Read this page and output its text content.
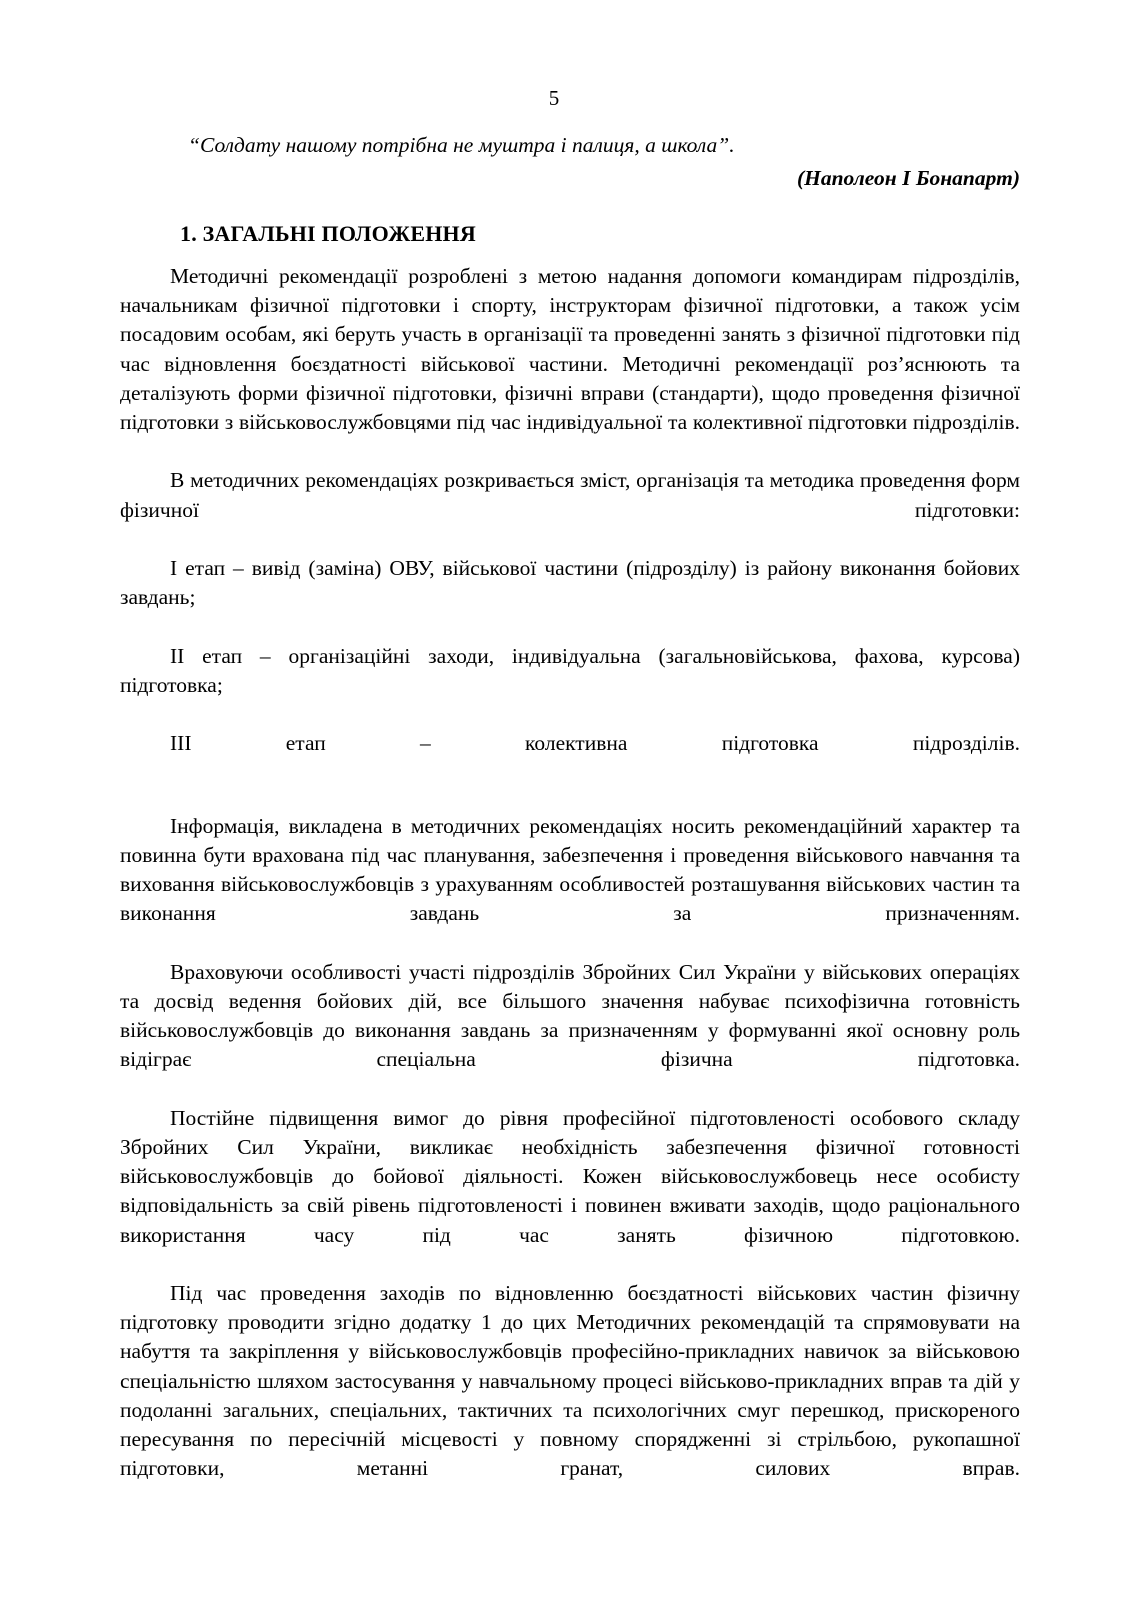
5
“Солдату нашому потрібна не муштра і палиця, а школа”.
(Наполеон I Бонапарт)
1. ЗАГАЛЬНІ ПОЛОЖЕННЯ

Методичні рекомендації розроблені з метою надання допомоги командирам підрозділів, начальникам фізичної підготовки і спорту, інструкторам фізичної підготовки, а також усім посадовим особам, які беруть участь в організації та проведенні занять з фізичної підготовки під час відновлення боєздатності військової частини. Методичні рекомендації роз’яснюють та деталізують форми фізичної підготовки, фізичні вправи (стандарти), щодо проведення фізичної підготовки з військовослужбовцями під час індивідуальної та колективної підготовки підрозділів.

В методичних рекомендаціях розкривається зміст, організація та методика проведення форм фізичної підготовки:

I етап – вивід (заміна) ОВУ, військової частини (підрозділу) із району виконання бойових завдань;

II етап – організаційні заходи, індивідуальна (загальновійськова, фахова, курсова) підготовка;

III етап – колективна підготовка підрозділів.

Інформація, викладена в методичних рекомендаціях носить рекомендаційний характер та повинна бути врахована під час планування, забезпечення і проведення військового навчання та виховання військовослужбовців з урахуванням особливостей розташування військових частин та виконання завдань за призначенням.

Враховуючи особливості участі підрозділів Збройних Сил України у військових операціях та досвід ведення бойових дій, все більшого значення набуває психофізична готовність військовослужбовців до виконання завдань за призначенням у формуванні якої основну роль відіграє спеціальна фізична підготовка.

Постійне підвищення вимог до рівня професійної підготовленості особового складу Збройних Сил України, викликає необхідність забезпечення фізичної готовності військовослужбовців до бойової діяльності. Кожен військовослужбовець несе особисту відповідальність за свій рівень підготовленості і повинен вживати заходів, щодо раціонального використання часу під час занять фізичною підготовкою.

Під час проведення заходів по відновленню боєздатності військових частин фізичну підготовку проводити згідно додатку 1 до цих Методичних рекомендацій та спрямовувати на набуття та закріплення у військовослужбовців професійно-прикладних навичок за військовою спеціальністю шляхом застосування у навчальному процесі військово-прикладних вправ та дій у подоланні загальних, спеціальних, тактичних та психологічних смуг перешкод, прискореного пересування по пересічній місцевості у повному спорядженні зі стрільбою, рукопашної підготовки, метанні гранат, силових вправ.
